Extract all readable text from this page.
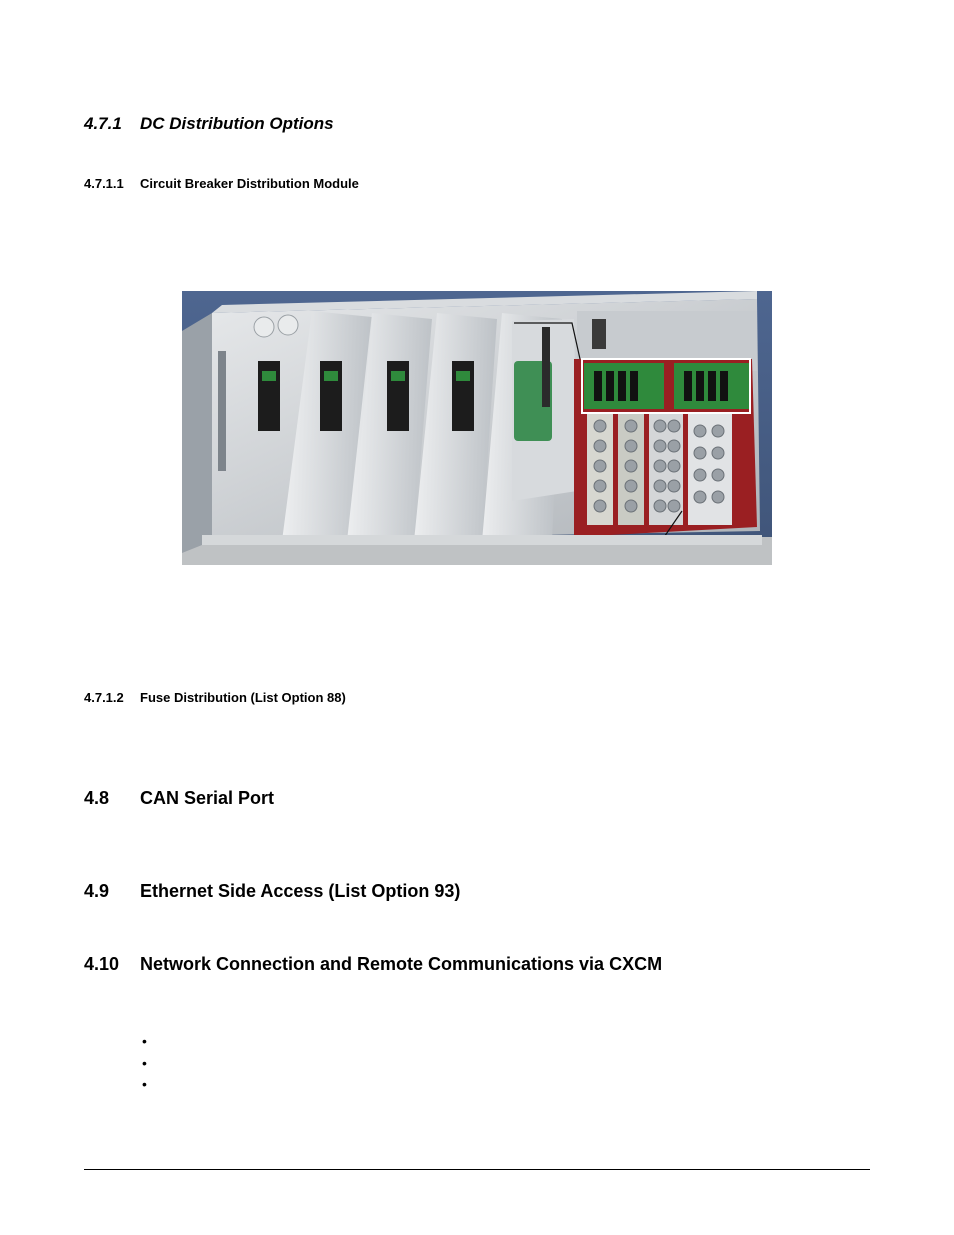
4.7.1 DC Distribution Options
4.7.1.1 Circuit Breaker Distribution Module
4.7.1.2 Fuse Distribution (List Option 88)
4.8 CAN Serial Port
4.9 Ethernet Side Access (List Option 93)
4.10 Network Connection and Remote Communications via CXCM
•
•
•
